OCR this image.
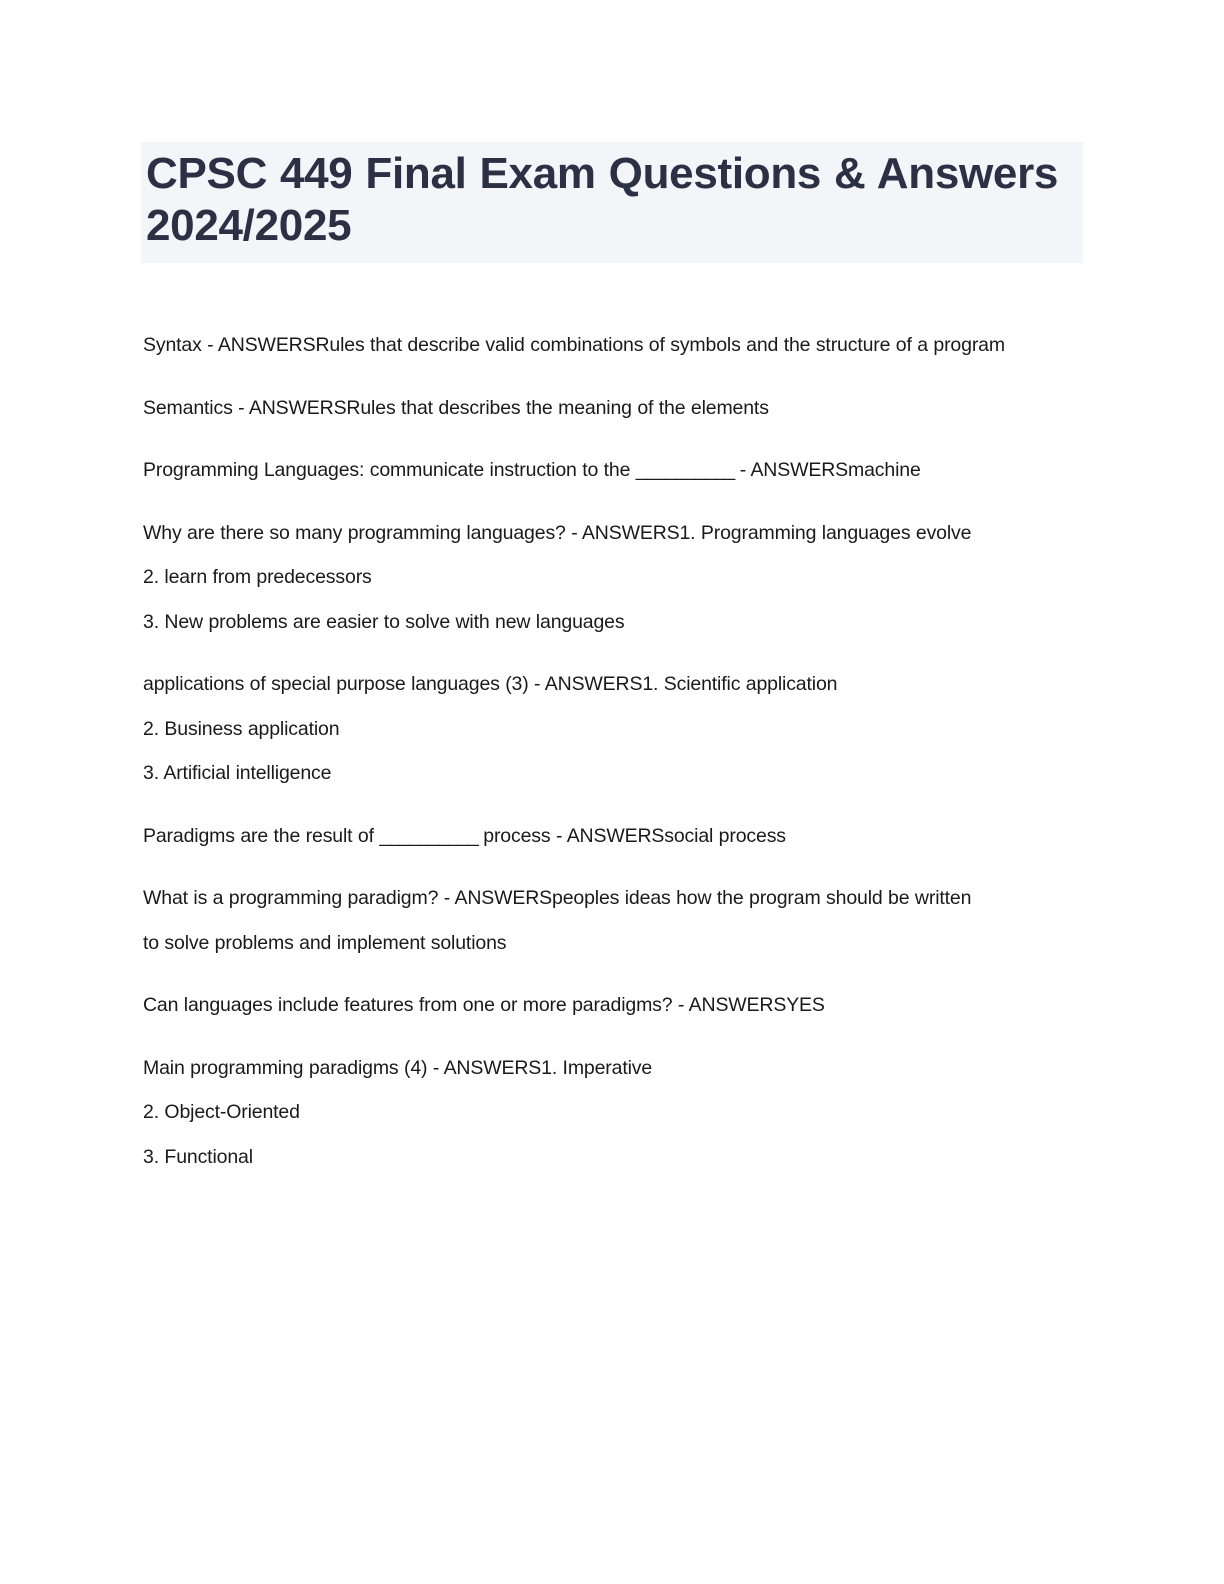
CPSC 449 Final Exam Questions & Answers 2024/2025

Syntax - ANSWERSRules that describe valid combinations of symbols and the structure of a program

Semantics - ANSWERSRules that describes the meaning of the elements

Programming Languages: communicate instruction to the __________ - ANSWERSmachine

Why are there so many programming languages? - ANSWERS1. Programming languages evolve

2. learn from predecessors

3. New problems are easier to solve with new languages

applications of special purpose languages (3) - ANSWERS1. Scientific application

2. Business application

3. Artificial intelligence

Paradigms are the result of __________ process - ANSWERSsocial process

What is a programming paradigm? - ANSWERSpeoples ideas how the program should be written

to solve problems and implement solutions

Can languages include features from one or more paradigms? - ANSWERSYES

Main programming paradigms (4) - ANSWERS1. Imperative

2. Object-Oriented

3. Functional
